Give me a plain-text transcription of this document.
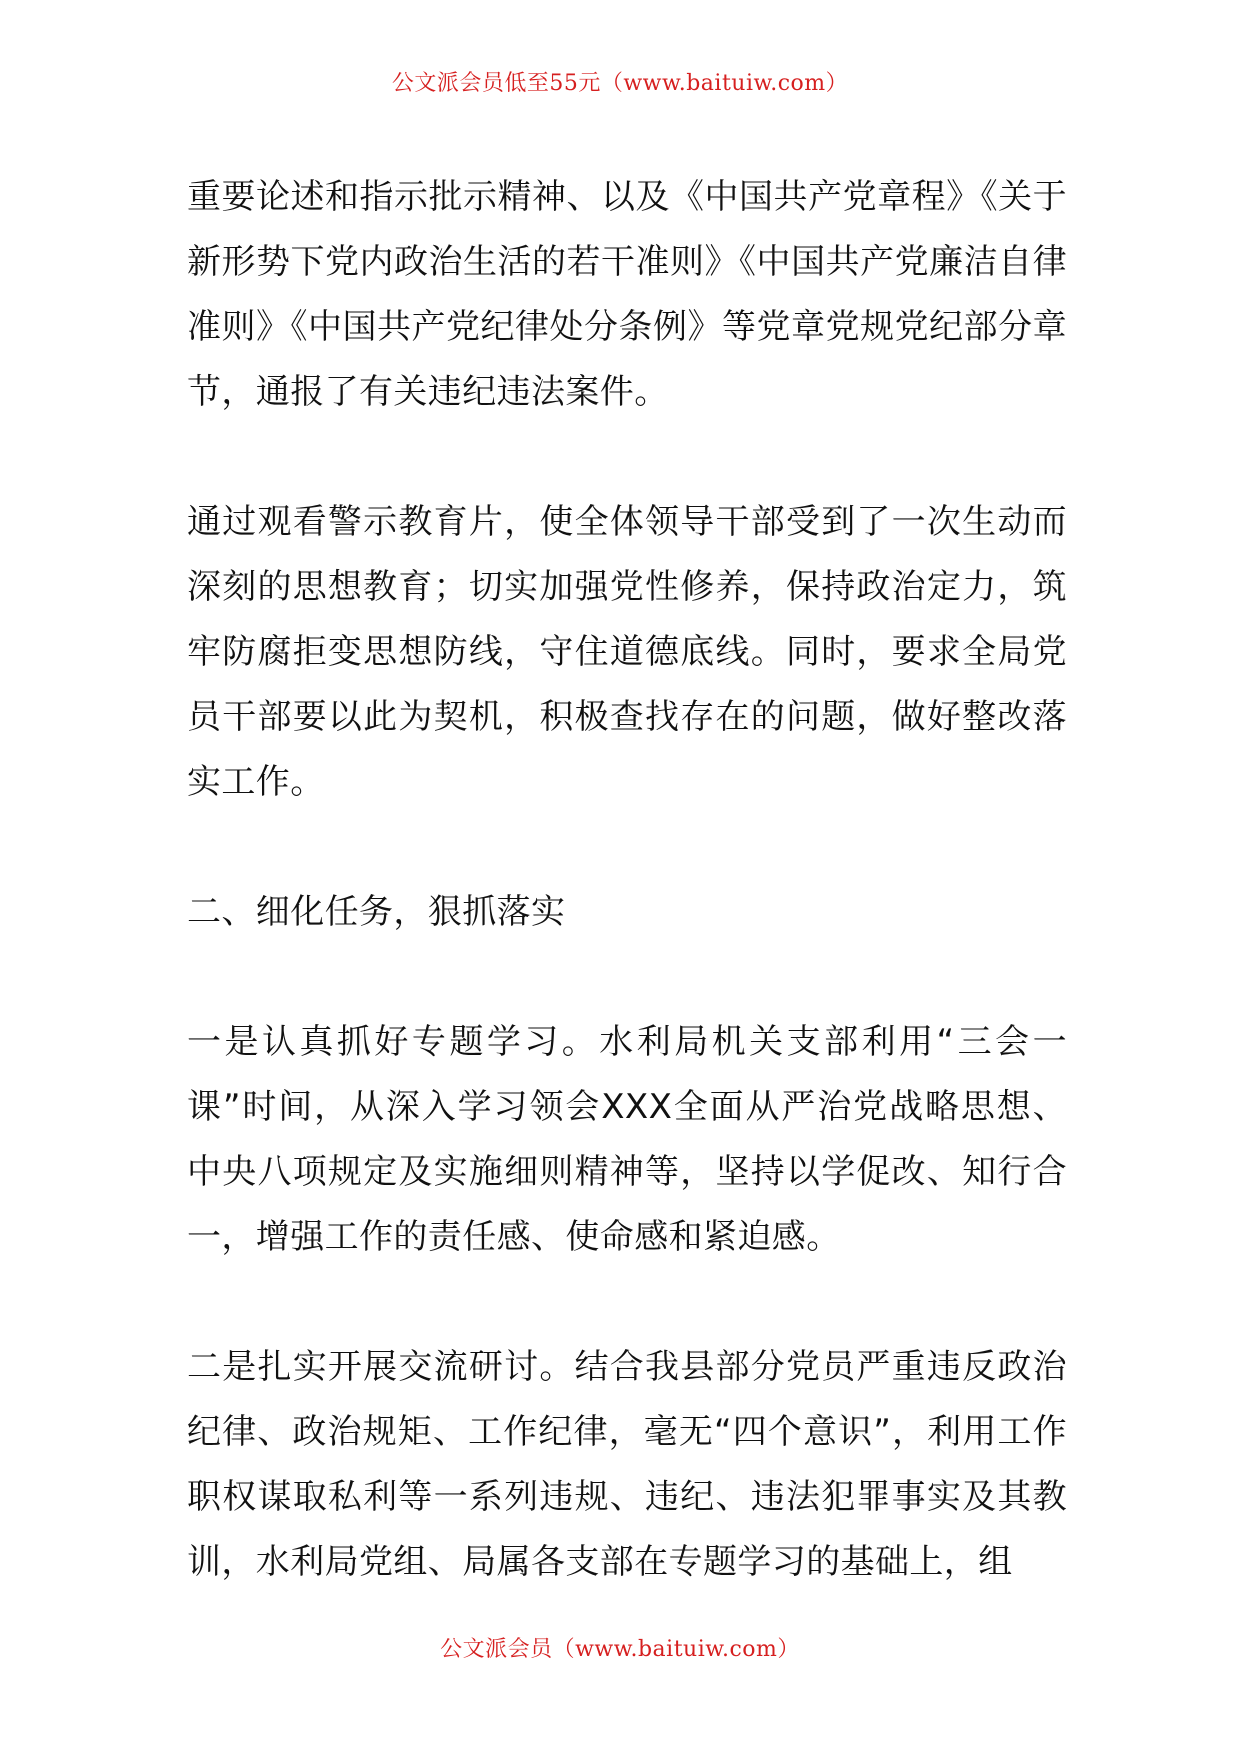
公文派会员低至55元（www.baituiw.com）

重要论述和指示批示精神、以及《中国共产党章程》《关于新形势下党内政治生活的若干准则》《中国共产党廉洁自律准则》《中国共产党纪律处分条例》等党章党规党纪部分章节，通报了有关违纪违法案件。

通过观看警示教育片，使全体领导干部受到了一次生动而深刻的思想教育；切实加强党性修养，保持政治定力，筑牢防腐拒变思想防线，守住道德底线。同时，要求全局党员干部要以此为契机，积极查找存在的问题，做好整改落实工作。

二、细化任务，狠抓落实

一是认真抓好专题学习。水利局机关支部利用“三会一课”时间，从深入学习领会XXX全面从严治党战略思想、中央八项规定及实施细则精神等，坚持以学促改、知行合一，增强工作的责任感、使命感和紧迫感。

二是扎实开展交流研讨。结合我县部分党员严重违反政治纪律、政治规矩、工作纪律，毫无“四个意识”，利用工作职权谋取私利等一系列违规、违纪、违法犯罪事实及其教训，水利局党组、局属各支部在专题学习的基础上，组

公文派会员（www.baituiw.com）
